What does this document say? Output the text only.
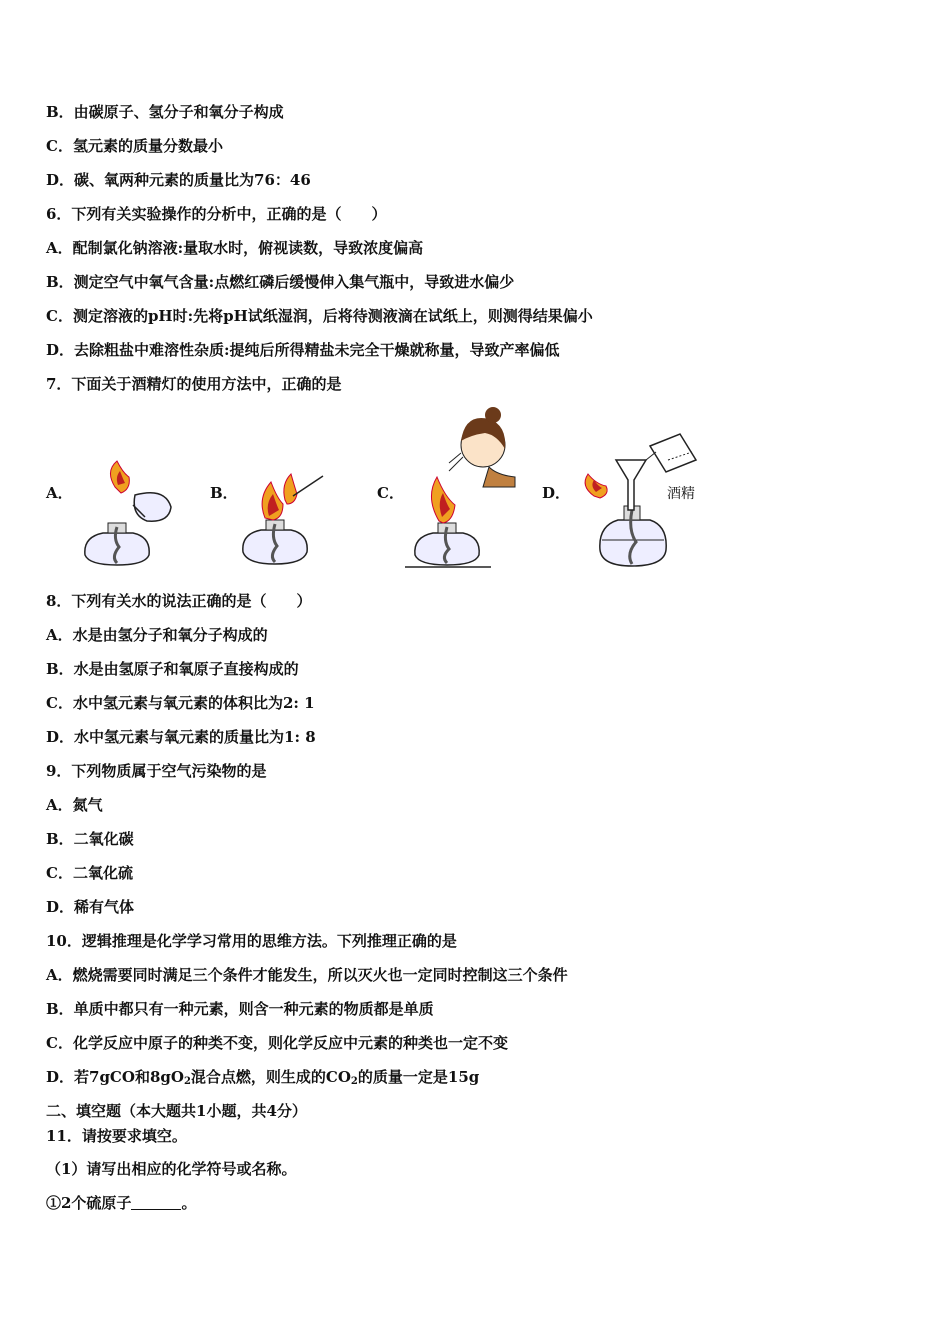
B．由碳原子、氢分子和氧分子构成
C．氢元素的质量分数最小
D．碳、氧两种元素的质量比为76：46
6．下列有关实验操作的分析中，正确的是（　　）
A．配制氯化钠溶液:量取水时，俯视读数，导致浓度偏高
B．测定空气中氧气含量:点燃红磷后缓慢伸入集气瓶中，导致进水偏少
C．测定溶液的pH时:先将pH试纸湿润，后将待测液滴在试纸上，则测得结果偏小
D．去除粗盐中难溶性杂质:提纯后所得精盐未完全干燥就称量，导致产率偏低
7．下面关于酒精灯的使用方法中，正确的是
A．	B．	C．	D．	酒精
8．下列有关水的说法正确的是（　　）
A．水是由氢分子和氧分子构成的
B．水是由氢原子和氧原子直接构成的
C．水中氢元素与氧元素的体积比为2: 1
D．水中氢元素与氧元素的质量比为1: 8
9．下列物质属于空气污染物的是
A．氮气
B．二氧化碳
C．二氧化硫
D．稀有气体
10．逻辑推理是化学学习常用的思维方法。下列推理正确的是
A．燃烧需要同时满足三个条件才能发生，所以灭火也一定同时控制这三个条件
B．单质中都只有一种元素，则含一种元素的物质都是单质
C．化学反应中原子的种类不变，则化学反应中元素的种类也一定不变
D．若7gCO和$8gO_2$混合点燃，则生成的$CO_2$的质量一定是15g
二、填空题（本大题共1小题，共4分）
11．请按要求填空。
（1）请写出相应的化学符号或名称。
①2个硫原子	。
